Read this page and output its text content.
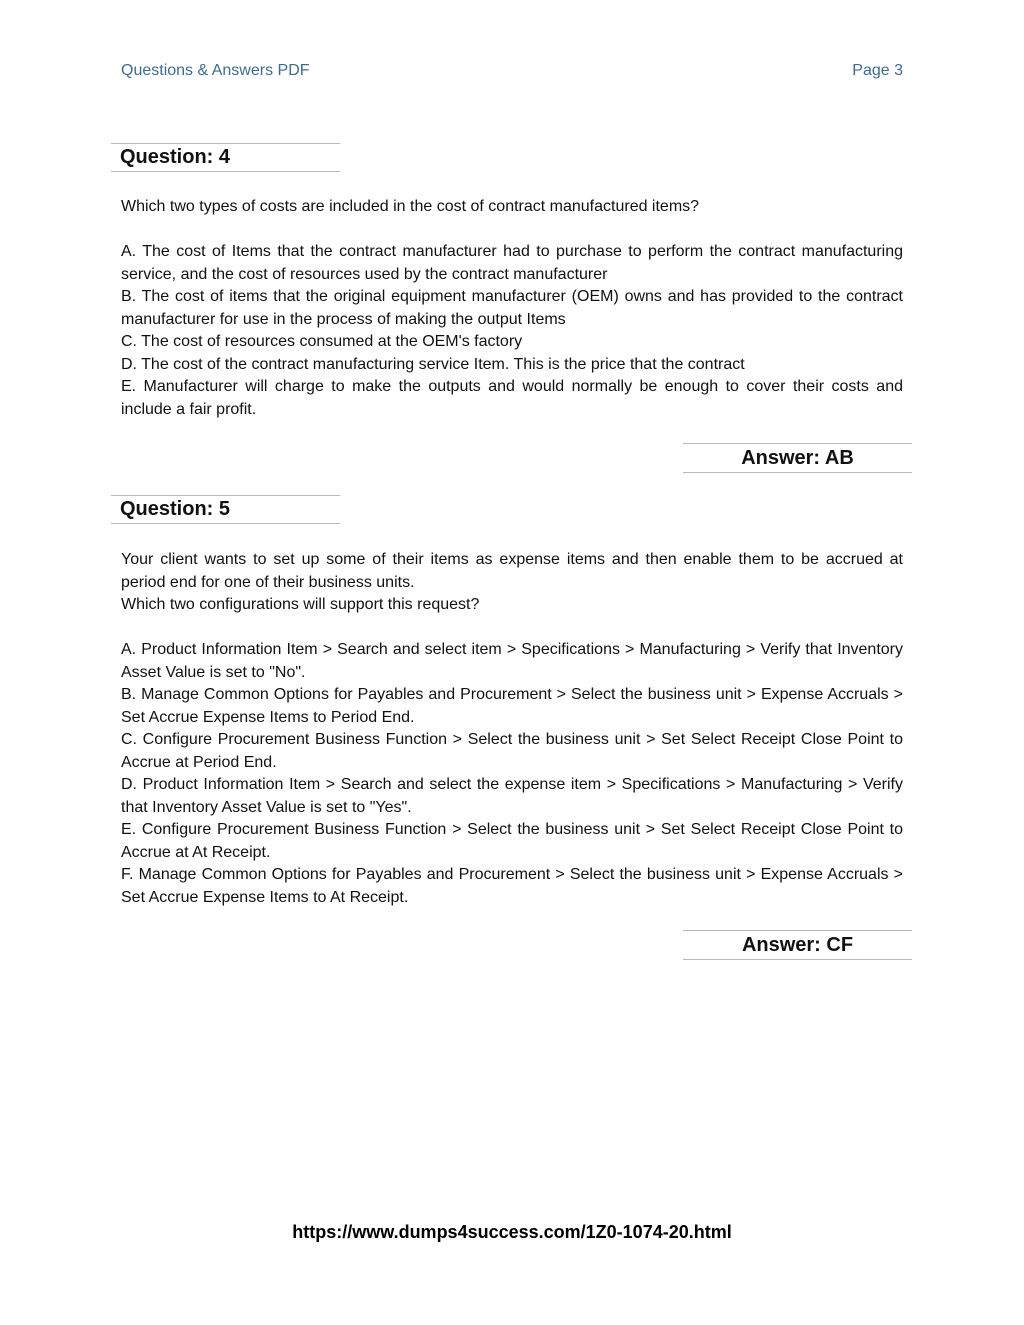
Questions & Answers PDF	Page 3
Question: 4

Which two types of costs are included in the cost of contract manufactured items?

A. The cost of Items that the contract manufacturer had to purchase to perform the contract manufacturing service, and the cost of resources used by the contract manufacturer

B. The cost of items that the original equipment manufacturer (OEM) owns and has provided to the contract manufacturer for use in the process of making the output Items

C. The cost of resources consumed at the OEM's factory

D. The cost of the contract manufacturing service Item. This is the price that the contract

E. Manufacturer will charge to make the outputs and would normally be enough to cover their costs and include a fair profit.

Answer: AB
Question: 5

Your client wants to set up some of their items as expense items and then enable them to be accrued at period end for one of their business units.

Which two configurations will support this request?

A. Product Information Item > Search and select item > Specifications > Manufacturing > Verify that Inventory Asset Value is set to "No".

B. Manage Common Options for Payables and Procurement > Select the business unit > Expense Accruals > Set Accrue Expense Items to Period End.

C. Configure Procurement Business Function > Select the business unit > Set Select Receipt Close Point to Accrue at Period End.

D. Product Information Item > Search and select the expense item > Specifications > Manufacturing > Verify that Inventory Asset Value is set to "Yes".

E. Configure Procurement Business Function > Select the business unit > Set Select Receipt Close Point to Accrue at At Receipt.

F. Manage Common Options for Payables and Procurement > Select the business unit > Expense Accruals > Set Accrue Expense Items to At Receipt.

Answer: CF
https://www.dumps4success.com/1Z0-1074-20.html
